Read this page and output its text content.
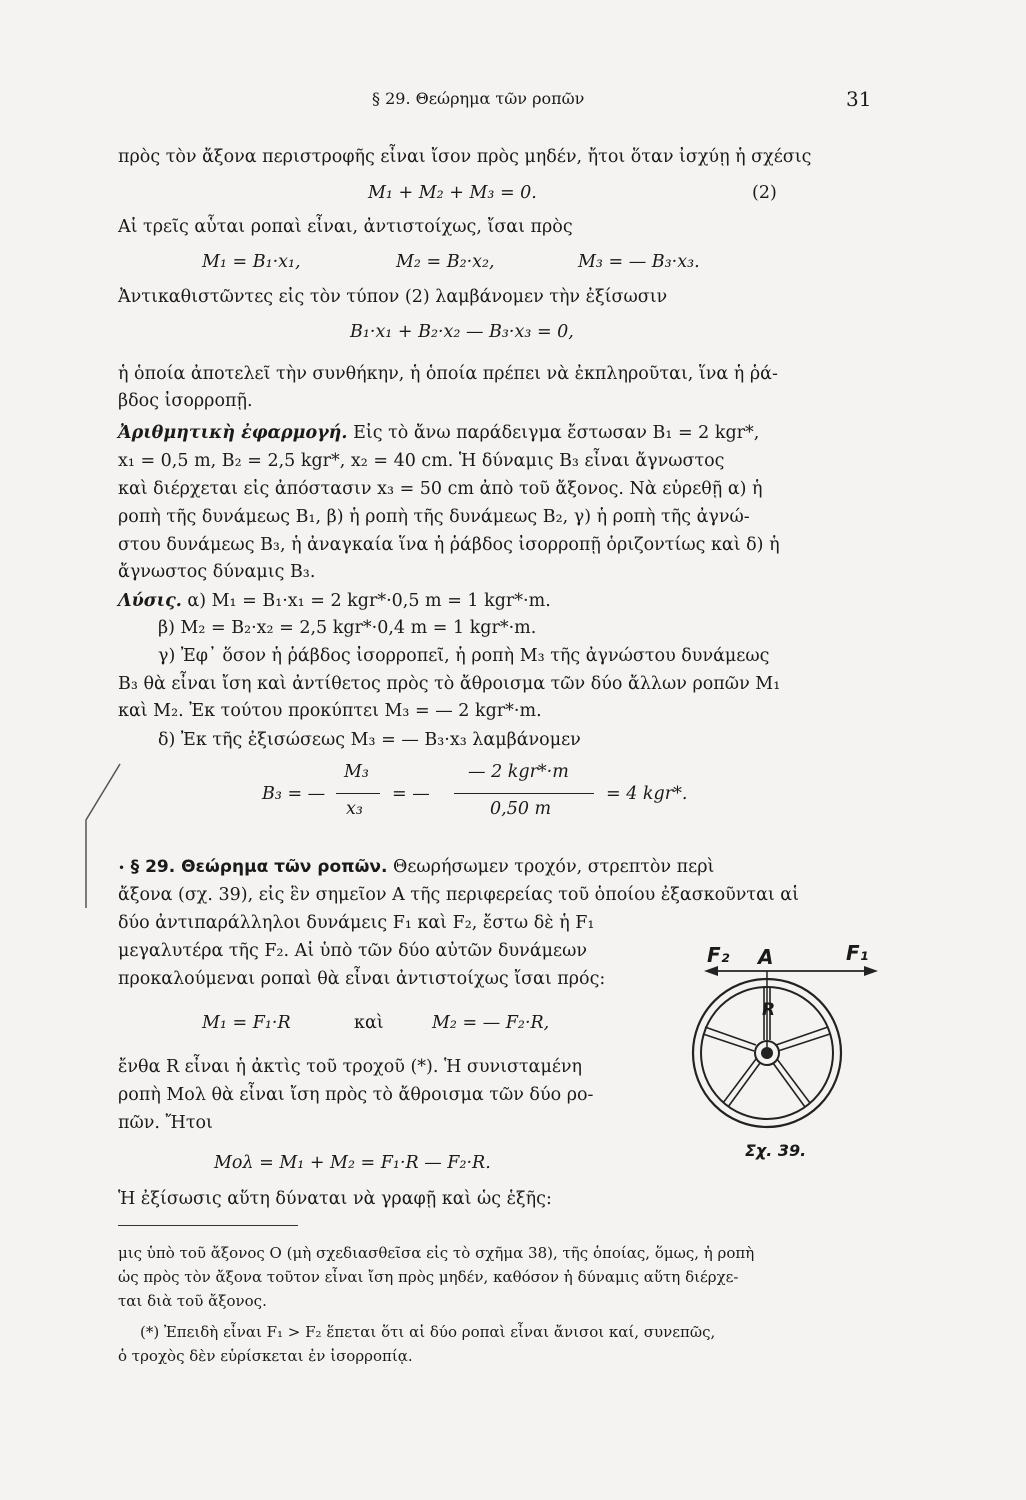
§ 29. Θεώρημα τῶν ροπῶν	31
πρὸς τὸν ἄξονα περιστροφῆς εἶναι ἴσον πρὸς μηδέν, ἤτοι ὅταν ἰσχύῃ ἡ σχέσις
M₁ + M₂ + M₃ = 0.	(2)
Αἱ τρεῖς αὗται ροπαὶ εἶναι, ἀντιστοίχως, ἴσαι πρὸς
M₁ = B₁·x₁,	M₂ = B₂·x₂,	M₃ = — B₃·x₃.
Ἀντικαθιστῶντες εἰς τὸν τύπον (2) λαμβάνομεν τὴν ἐξίσωσιν
B₁·x₁ + B₂·x₂ — B₃·x₃ = 0,
ἡ ὁποία ἀποτελεῖ τὴν συνθήκην, ἡ ὁποία πρέπει νὰ ἐκπληροῦται, ἵνα ἡ ῥά-
βδος ἰσορροπῇ.
Ἀριθμητικὴ ἐφαρμογή. Εἰς τὸ ἄνω παράδειγμα ἔστωσαν B₁ = 2 kgr*,
x₁ = 0,5 m, B₂ = 2,5 kgr*, x₂ = 40 cm. Ἡ δύναμις B₃ εἶναι ἄγνωστος
καὶ διέρχεται εἰς ἀπόστασιν x₃ = 50 cm ἀπὸ τοῦ ἄξονος. Νὰ εὑρεθῇ α) ἡ
ροπὴ τῆς δυνάμεως B₁, β) ἡ ροπὴ τῆς δυνάμεως B₂, γ) ἡ ροπὴ τῆς ἀγνώ-
στου δυνάμεως B₃, ἡ ἀναγκαία ἵνα ἡ ῥάβδος ἰσορροπῇ ὁριζοντίως καὶ δ) ἡ
ἄγνωστος δύναμις B₃.
Λύσις. α) M₁ = B₁·x₁ = 2 kgr*·0,5 m = 1 kgr*·m.
β) M₂ = B₂·x₂ = 2,5 kgr*·0,4 m = 1 kgr*·m.
γ) Ἐφ᾽ ὅσον ἡ ῥάβδος ἰσορροπεῖ, ἡ ροπὴ M₃ τῆς ἀγνώστου δυνάμεως
B₃ θὰ εἶναι ἴση καὶ ἀντίθετος πρὸς τὸ ἄθροισμα τῶν δύο ἄλλων ροπῶν M₁
καὶ M₂. Ἐκ τούτου προκύπτει M₃ = — 2 kgr*·m.
δ) Ἐκ τῆς ἐξισώσεως M₃ = — B₃·x₃ λαμβάνομεν
B₃ = —
M₃
x₃
= —
— 2 kgr*·m
0,50 m
= 4 kgr*.
• § 29. Θεώρημα τῶν ροπῶν. Θεωρήσωμεν τροχόν, στρεπτὸν περὶ
ἄξονα (σχ. 39), εἰς ἓν σημεῖον A τῆς περιφερείας τοῦ ὁποίου ἐξασκοῦνται αἱ
δύο ἀντιπαράλληλοι δυνάμεις F₁ καὶ F₂, ἔστω δὲ ἡ F₁
μεγαλυτέρα τῆς F₂. Αἱ ὑπὸ τῶν δύο αὐτῶν δυνάμεων
προκαλούμεναι ροπαὶ θὰ εἶναι ἀντιστοίχως ἴσαι πρός:
M₁ = F₁·R	καὶ	M₂ = — F₂·R,
ἔνθα R εἶναι ἡ ἀκτὶς τοῦ τροχοῦ (*). Ἡ συνισταμένη
ροπὴ Mολ θὰ εἶναι ἴση πρὸς τὸ ἄθροισμα τῶν δύο ρο-
πῶν. Ἤτοι
Mολ = M₁ + M₂ = F₁·R — F₂·R.
Ἡ ἐξίσωσις αὕτη δύναται νὰ γραφῇ καὶ ὡς ἑξῆς:
F₂ A	F₁
R
Σχ. 39.
μις ὑπὸ τοῦ ἄξονος O (μὴ σχεδιασθεῖσα εἰς τὸ σχῆμα 38), τῆς ὁποίας, ὅμως, ἡ ροπὴ
ὡς πρὸς τὸν ἄξονα τοῦτον εἶναι ἴση πρὸς μηδέν, καθόσον ἡ δύναμις αὕτη διέρχε-
ται διὰ τοῦ ἄξονος.
(*) Ἐπειδὴ εἶναι F₁ > F₂ ἕπεται ὅτι αἱ δύο ροπαὶ εἶναι ἄνισοι καί, συνεπῶς,
ὁ τροχὸς δὲν εὑρίσκεται ἐν ἰσορροπίᾳ.
